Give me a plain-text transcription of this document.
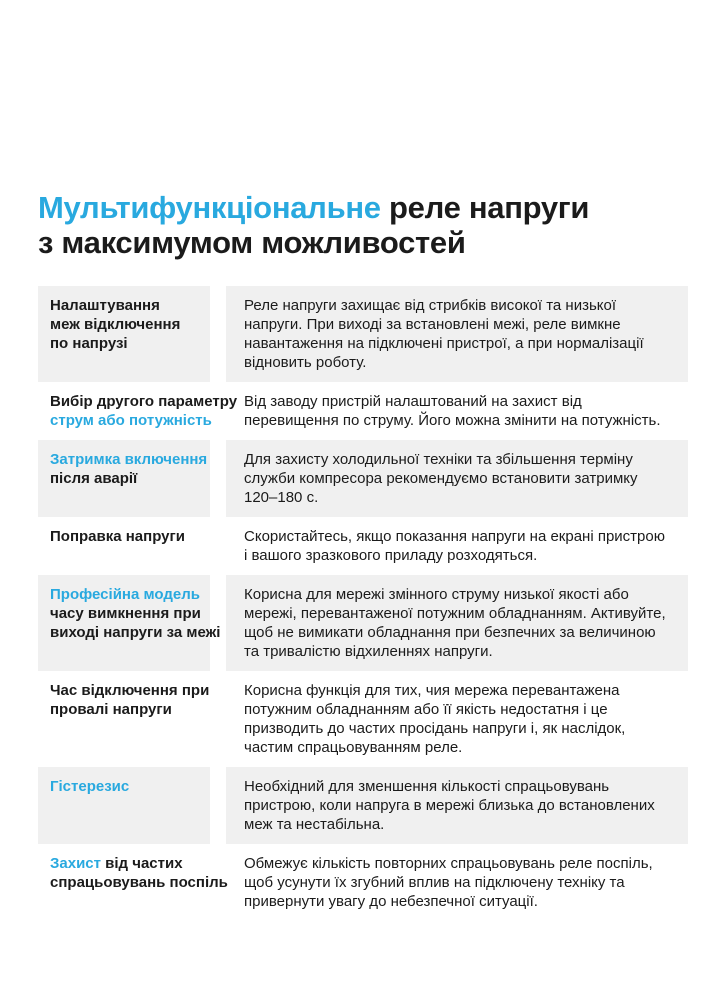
Мультифункціональне реле напруги
з максимумом можливостей
Налаштування
меж відключення
по напрузі
Реле напруги захищає від стрибків високої та низької напруги. При виході за встановлені межі, реле вимкне навантаження на підключені пристрої, а при нормалізації відновить роботу.
Вибір другого параметру
струм або потужність
Від заводу пристрій налаштований на захист від перевищення по струму. Його можна змінити на потужність.
Затримка включення
після аварії
Для захисту холодильної техніки та збільшення терміну служби компресора рекомендуємо встановити затримку 120–180 с.
Поправка напруги	Скористайтесь, якщо показання напруги на екрані пристрою і вашого зразкового приладу розходяться.
Професійна модель
часу вимкнення при
виході напруги за межі
Корисна для мережі змінного струму низької якості або мережі, перевантаженої потужним обладнанням. Активуйте, щоб не вимикати обладнання при безпечних за величиною та тривалістю відхиленнях напруги.
Час відключення при
провалі напруги
Корисна функція для тих, чия мережа перевантажена потужним обладнанням або її якість недостатня і це призводить до частих просідань напруги і, як наслідок, частим спрацьовуванням реле.
Гістерезис	Необхідний для зменшення кількості спрацьовувань пристрою, коли напруга в мережі близька до встановлених меж та нестабільна.
Захист від частих
спрацьовувань поспіль
Обмежує кількість повторних спрацьовувань реле поспіль, щоб усунути їх згубний вплив на підключену техніку та привернути увагу до небезпечної ситуації.
